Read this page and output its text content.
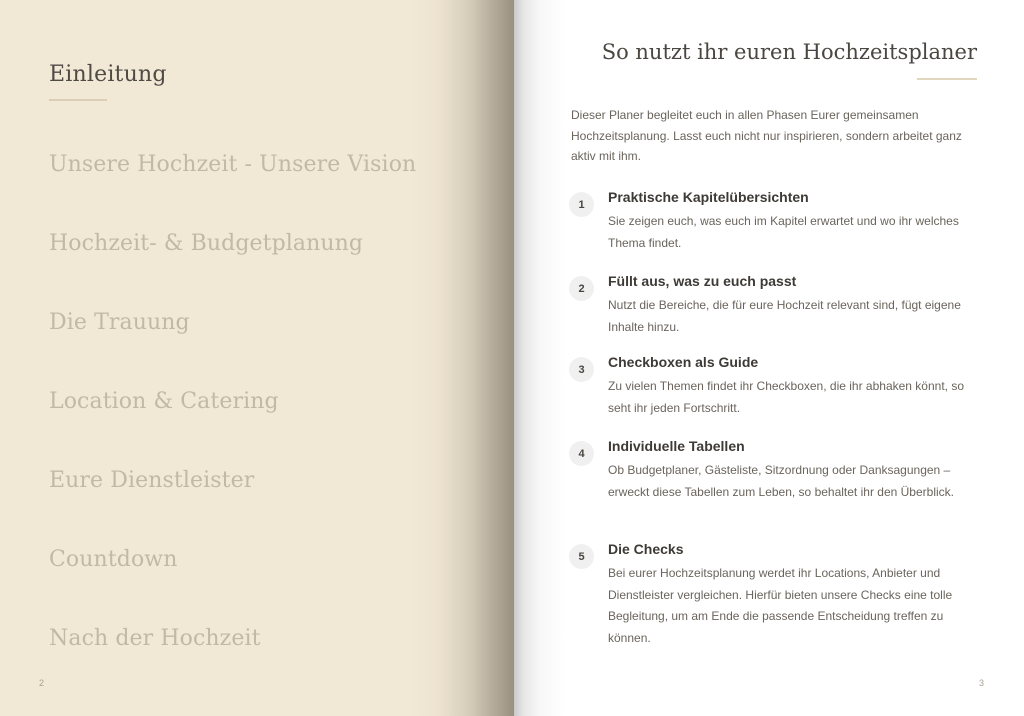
Einleitung
Unsere Hochzeit - Unsere Vision
Hochzeit- & Budgetplanung
Die Trauung
Location & Catering
Eure Dienstleister
Countdown
Nach der Hochzeit
2
So nutzt ihr euren Hochzeitsplaner
Dieser Planer begleitet euch in allen Phasen Eurer gemeinsamen Hochzeitsplanung. Lasst euch nicht nur inspirieren, sondern arbeitet ganz aktiv mit ihm.
1	Praktische Kapitelübersichten
Sie zeigen euch, was euch im Kapitel erwartet und wo ihr welches Thema findet.
2	Füllt aus, was zu euch passt
Nutzt die Bereiche, die für eure Hochzeit relevant sind, fügt eigene Inhalte hinzu.
3	Checkboxen als Guide
Zu vielen Themen findet ihr Checkboxen, die ihr abhaken könnt, so seht ihr jeden Fortschritt.
4	Individuelle Tabellen
Ob Budgetplaner, Gästeliste, Sitzordnung oder Danksagungen – erweckt diese Tabellen zum Leben, so behaltet ihr den Überblick.
5	Die Checks
Bei eurer Hochzeitsplanung werdet ihr Locations, Anbieter und Dienstleister vergleichen. Hierfür bieten unsere Checks eine tolle Begleitung, um am Ende die passende Entscheidung treffen zu können.
3
